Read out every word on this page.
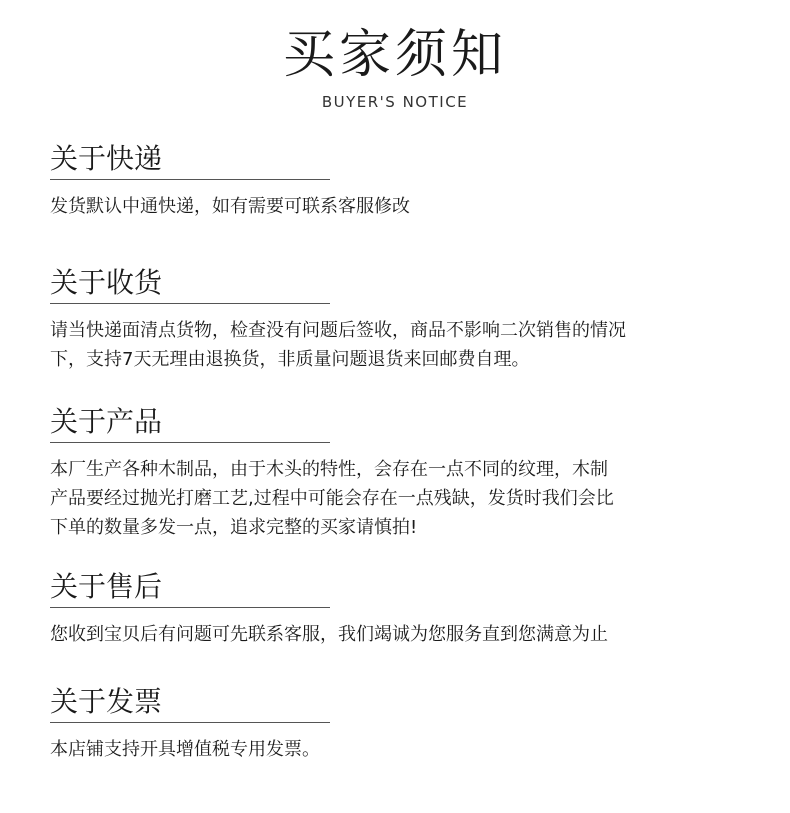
买家须知
BUYER'S NOTICE
关于快递
发货默认中通快递，如有需要可联系客服修改
关于收货
请当快递面清点货物，检查没有问题后签收，商品不影响二次销售的情况
下，支持7天无理由退换货，非质量问题退货来回邮费自理。
关于产品
本厂生产各种木制品，由于木头的特性，会存在一点不同的纹理，木制
产品要经过抛光打磨工艺,过程中可能会存在一点残缺，发货时我们会比
下单的数量多发一点，追求完整的买家请慎拍!
关于售后
您收到宝贝后有问题可先联系客服，我们竭诚为您服务直到您满意为止
关于发票
本店铺支持开具增值税专用发票。
